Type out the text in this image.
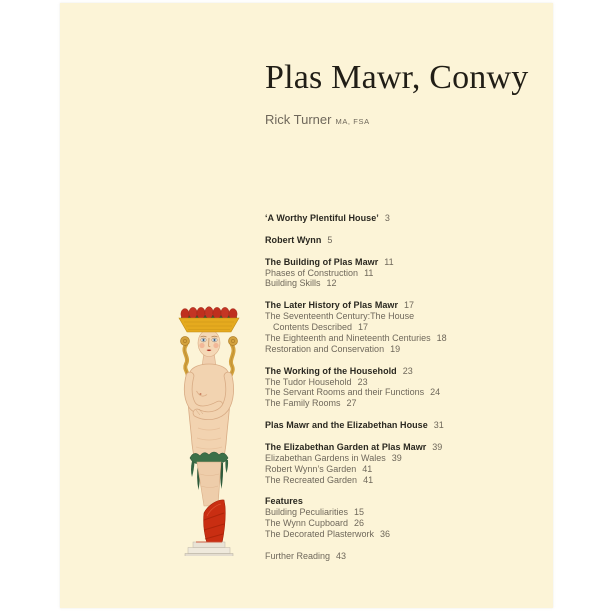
Plas Mawr, Conwy
Rick Turner MA, FSA
‘A Worthy Plentiful House’ 3
Robert Wynn 5
The Building of Plas Mawr 11
Phases of Construction 11
Building Skills 12
The Later History of Plas Mawr 17
The Seventeenth Century:The House
Contents Described 17
The Eighteenth and Nineteenth Centuries 18
Restoration and Conservation 19
The Working of the Household 23
The Tudor Household 23
The Servant Rooms and their Functions 24
The Family Rooms 27
Plas Mawr and the Elizabethan House 31
The Elizabethan Garden at Plas Mawr 39
Elizabethan Gardens in Wales 39
Robert Wynn’s Garden 41
The Recreated Garden 41
Features
Building Peculiarities 15
The Wynn Cupboard 26
The Decorated Plasterwork 36
Further Reading 43
